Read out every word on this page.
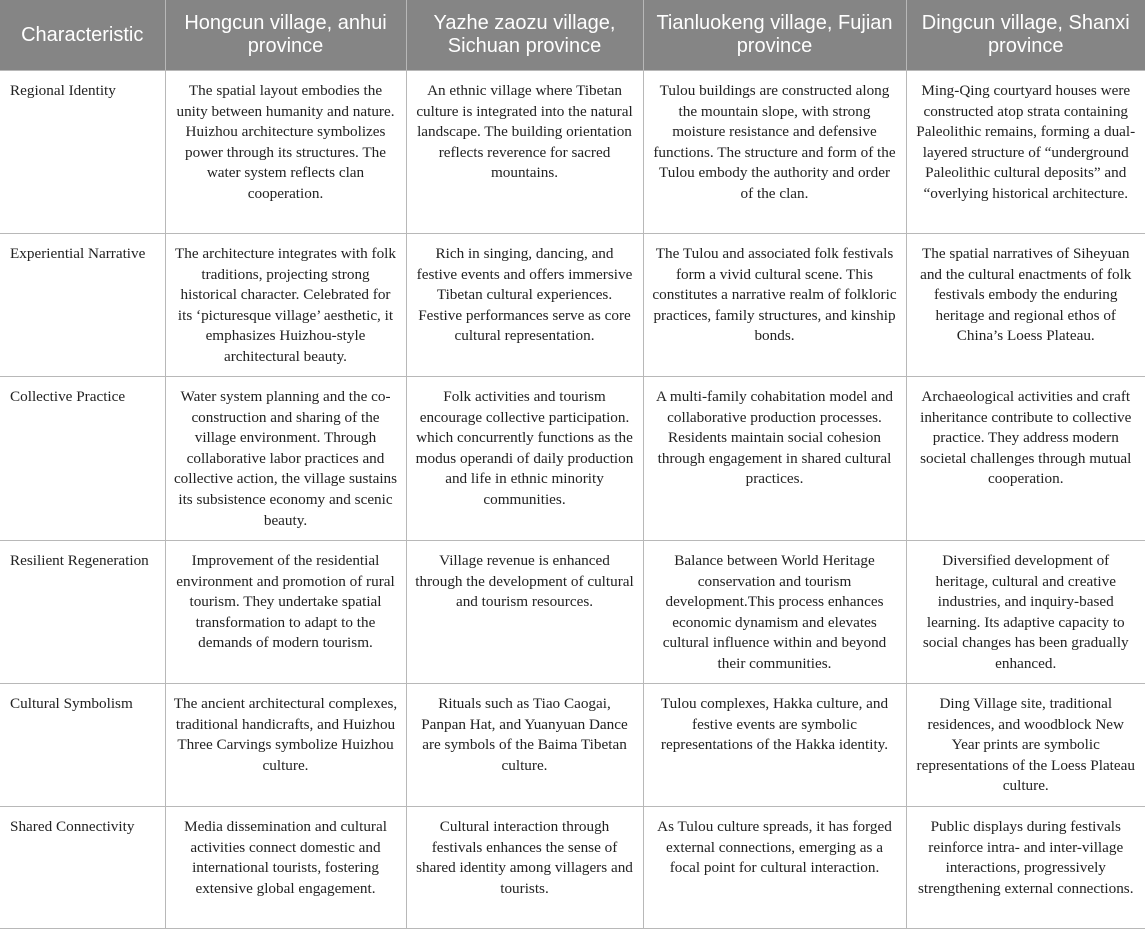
Characteristic	Hongcun village, anhui province	Yazhe zaozu village, Sichuan province	Tianluokeng village, Fujian province	Dingcun village, Shanxi province
Regional Identity	The spatial layout embodies the unity between humanity and nature. Huizhou architecture symbolizes power through its structures. The water system reflects clan cooperation.	An ethnic village where Tibetan culture is integrated into the natural landscape. The building orientation reflects reverence for sacred mountains.	Tulou buildings are constructed along the mountain slope, with strong moisture resistance and defensive functions. The structure and form of the Tulou embody the authority and order of the clan.	Ming-Qing courtyard houses were constructed atop strata containing Paleolithic remains, forming a dual-layered structure of “underground Paleolithic cultural deposits” and “overlying historical architecture.
Experiential Narrative	The architecture integrates with folk traditions, projecting strong historical character. Celebrated for its ‘picturesque village’ aesthetic, it emphasizes Huizhou-style architectural beauty.	Rich in singing, dancing, and festive events and offers immersive Tibetan cultural experiences. Festive performances serve as core cultural representation.	The Tulou and associated folk festivals form a vivid cultural scene. This constitutes a narrative realm of folkloric practices, family structures, and kinship bonds.	The spatial narratives of Siheyuan and the cultural enactments of folk festivals embody the enduring heritage and regional ethos of China’s Loess Plateau.
Collective Practice	Water system planning and the co-construction and sharing of the village environment. Through collaborative labor practices and collective action, the village sustains its subsistence economy and scenic beauty.	Folk activities and tourism encourage collective participation. which concurrently functions as the modus operandi of daily production and life in ethnic minority communities.	A multi-family cohabitation model and collaborative production processes. Residents maintain social cohesion through engagement in shared cultural practices.	Archaeological activities and craft inheritance contribute to collective practice. They address modern societal challenges through mutual cooperation.
Resilient Regeneration	Improvement of the residential environment and promotion of rural tourism. They undertake spatial transformation to adapt to the demands of modern tourism.	Village revenue is enhanced through the development of cultural and tourism resources.	Balance between World Heritage conservation and tourism development.This process enhances economic dynamism and elevates cultural influence within and beyond their communities.	Diversified development of heritage, cultural and creative industries, and inquiry-based learning. Its adaptive capacity to social changes has been gradually enhanced.
Cultural Symbolism	The ancient architectural complexes, traditional handicrafts, and Huizhou Three Carvings symbolize Huizhou culture.	Rituals such as Tiao Caogai, Panpan Hat, and Yuanyuan Dance are symbols of the Baima Tibetan culture.	Tulou complexes, Hakka culture, and festive events are symbolic representations of the Hakka identity.	Ding Village site, traditional residences, and woodblock New Year prints are symbolic representations of the Loess Plateau culture.
Shared Connectivity	Media dissemination and cultural activities connect domestic and international tourists, fostering extensive global engagement.	Cultural interaction through festivals enhances the sense of shared identity among villagers and tourists.	As Tulou culture spreads, it has forged external connections, emerging as a focal point for cultural interaction.	Public displays during festivals reinforce intra- and inter-village interactions, progressively strengthening external connections.
